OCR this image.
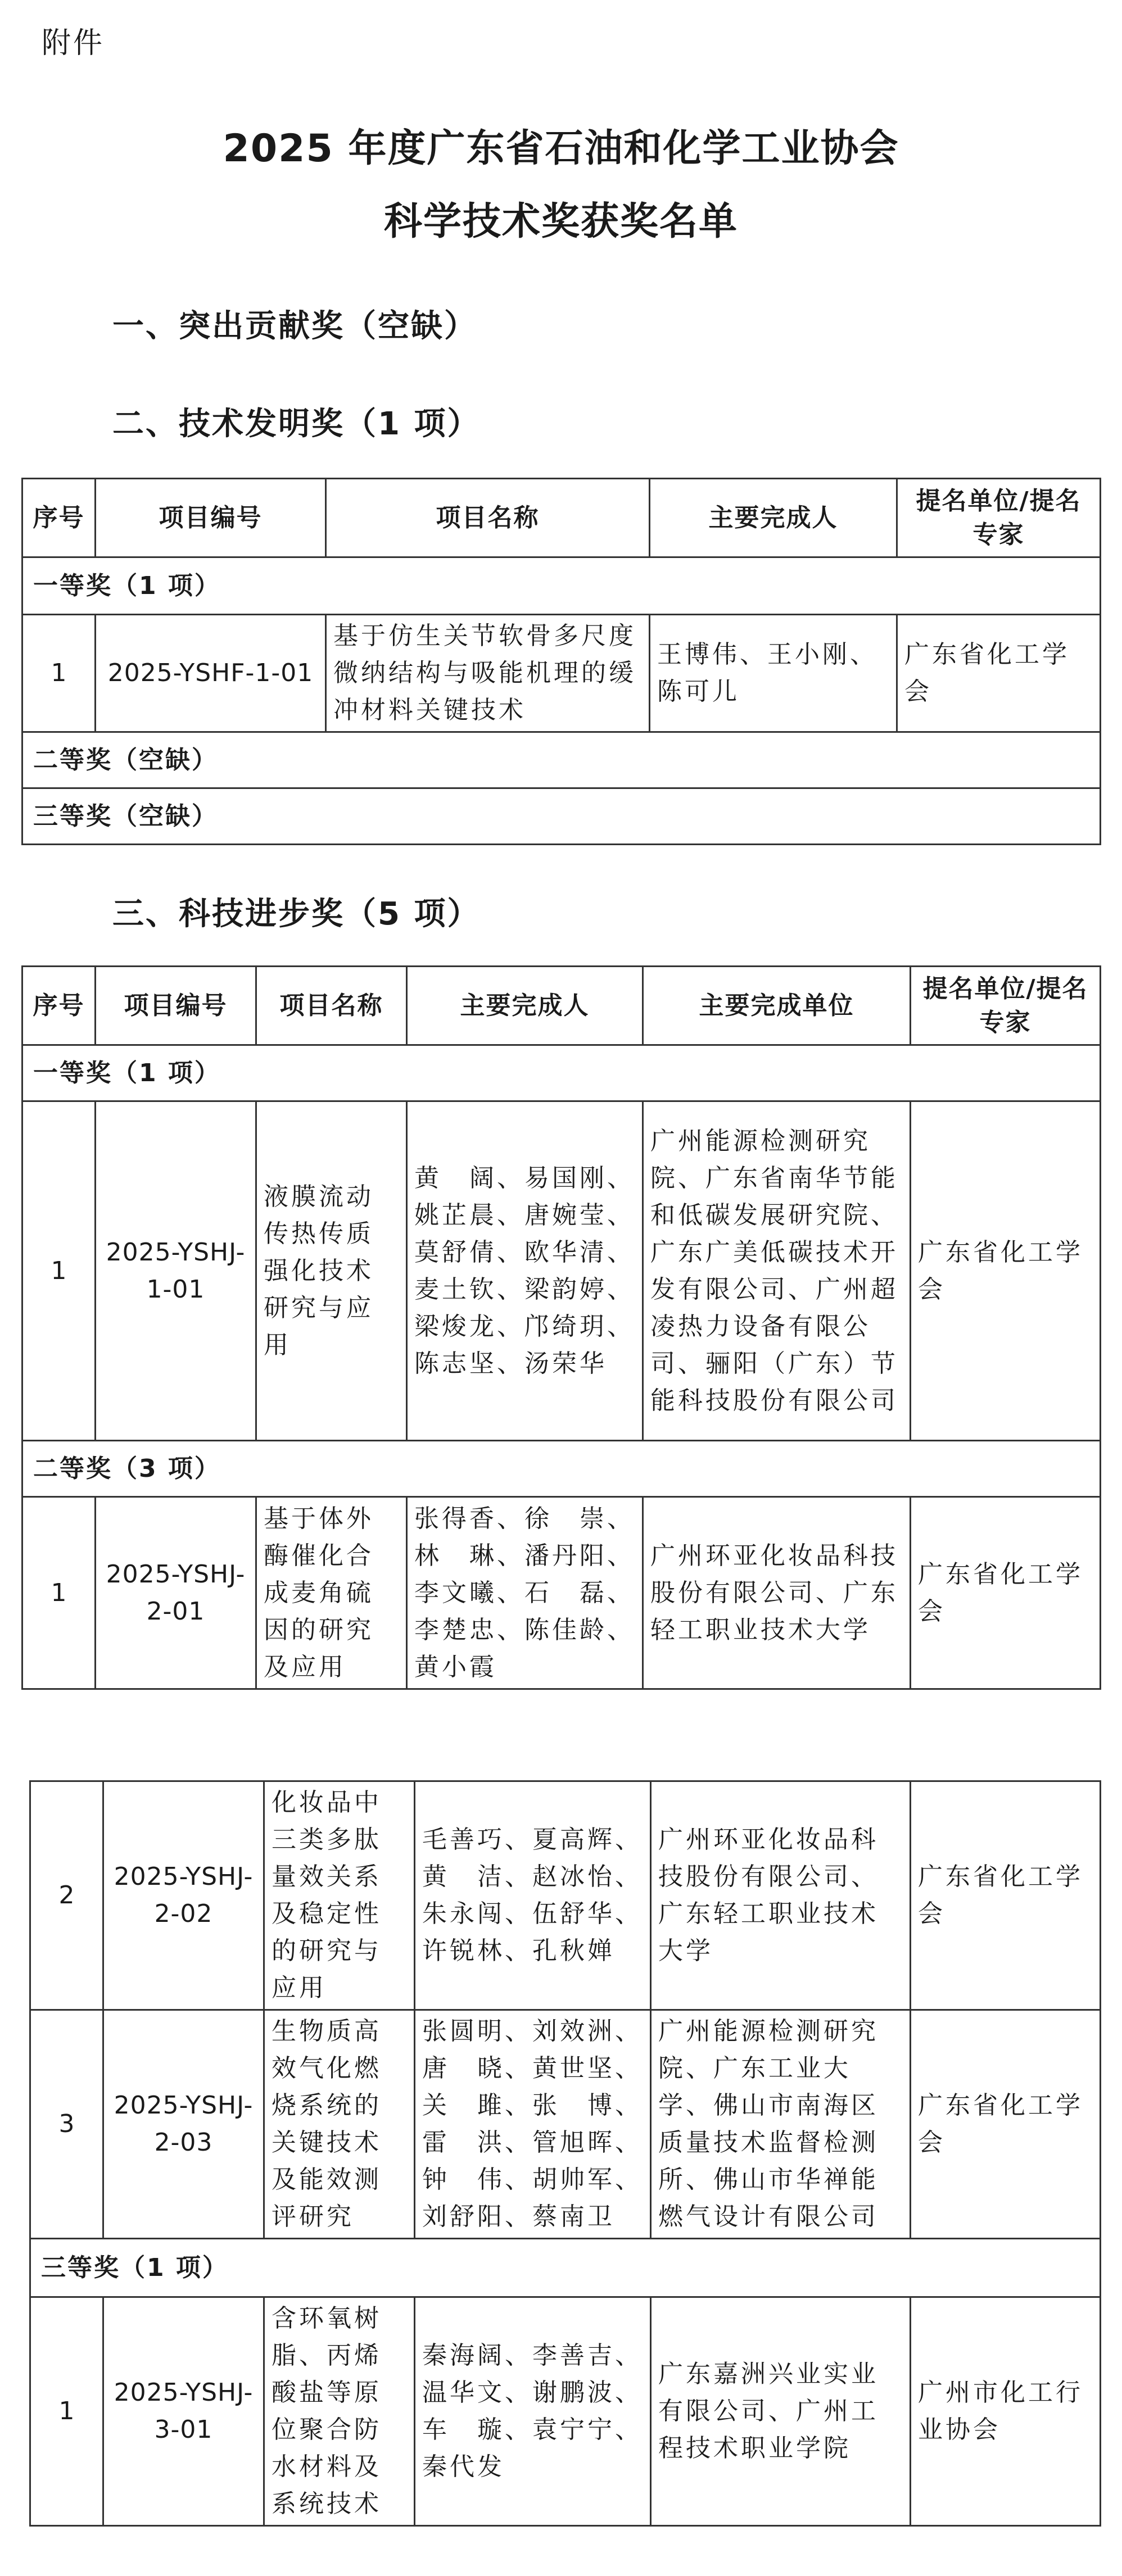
附件
2025 年度广东省石油和化学工业协会
科学技术奖获奖名单
一、突出贡献奖（空缺）
二、技术发明奖（1 项）
序号	项目编号	项目名称	主要完成人	提名单位/提名专家
一等奖（1 项）				
1	2025-YSHF-1-01	基于仿生关节软骨多尺度微纳结构与吸能机理的缓冲材料关键技术	王博伟、王小刚、陈可儿	广东省化工学会
二等奖（空缺）				
三等奖（空缺）				
三、科技进步奖（5 项）
序号	项目编号	项目名称	主要完成人	主要完成单位	提名单位/提名专家
一等奖（1 项）					
1	2025-YSHJ-1-01	液膜流动传热传质强化技术研究与应用	黄　阔、易国刚、姚芷晨、唐婉莹、莫舒倩、欧华清、麦土钦、梁韵婷、梁焌龙、邝绮玥、陈志坚、汤荣华	广州能源检测研究院、广东省南华节能和低碳发展研究院、广东广美低碳技术开发有限公司、广州超凌热力设备有限公司、骊阳（广东）节能科技股份有限公司	广东省化工学会
二等奖（3 项）					
1	2025-YSHJ-2-01	基于体外酶催化合成麦角硫因的研究及应用	张得香、徐　崇、林　琳、潘丹阳、李文曦、石　磊、李楚忠、陈佳龄、黄小霞	广州环亚化妆品科技股份有限公司、广东轻工职业技术大学	广东省化工学会
2	2025-YSHJ-2-02	化妆品中三类多肽量效关系及稳定性的研究与应用	毛善巧、夏高辉、黄　洁、赵冰怡、朱永闯、伍舒华、许锐林、孔秋婵	广州环亚化妆品科技股份有限公司、广东轻工职业技术大学	广东省化工学会
3	2025-YSHJ-2-03	生物质高效气化燃烧系统的关键技术及能效测评研究	张圆明、刘效洲、唐　晓、黄世坚、关　雎、张　博、雷　洪、管旭晖、钟　伟、胡帅军、刘舒阳、蔡南卫	广州能源检测研究院、广东工业大学、佛山市南海区质量技术监督检测所、佛山市华禅能燃气设计有限公司	广东省化工学会
三等奖（1 项）					
1	2025-YSHJ-3-01	含环氧树脂、丙烯酸盐等原位聚合防水材料及系统技术	秦海阔、李善吉、温华文、谢鹏波、车　璇、袁宁宁、秦代发	广东嘉洲兴业实业有限公司、广州工程技术职业学院	广州市化工行业协会
